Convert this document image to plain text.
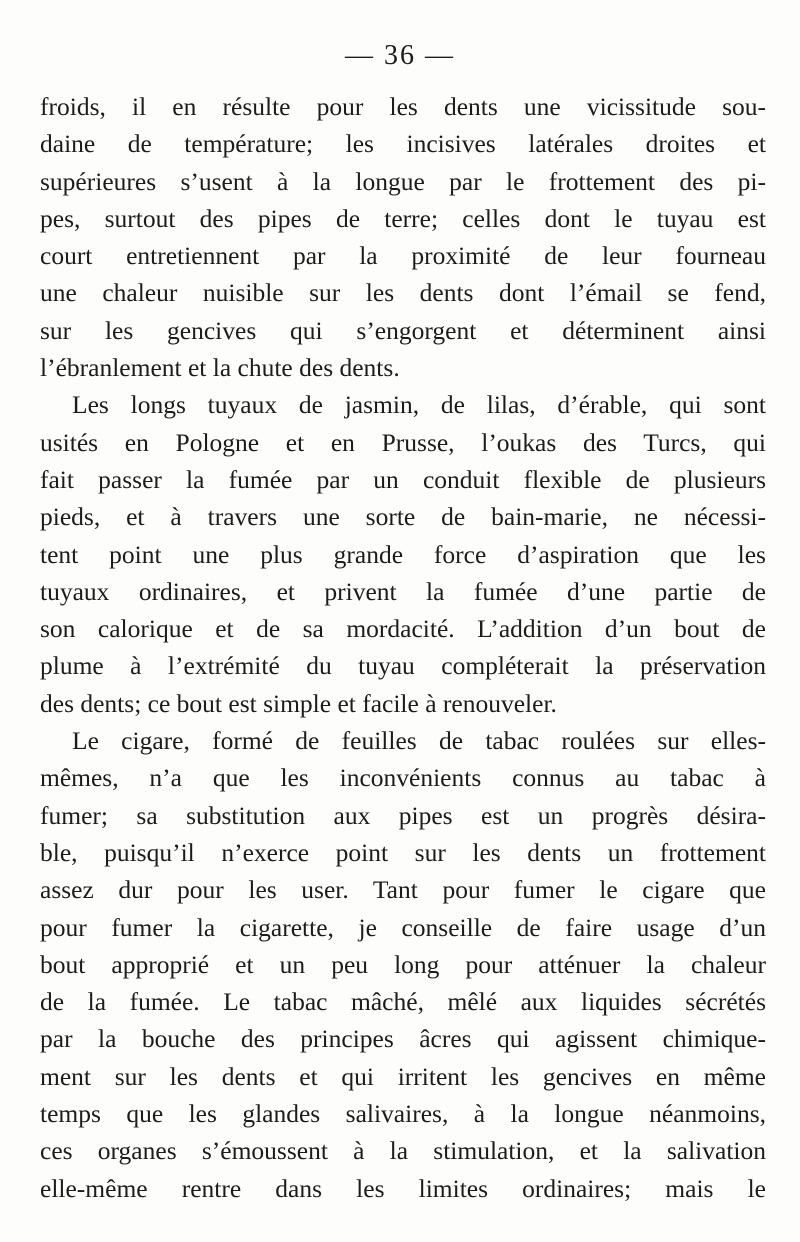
— 36 —
froids, il en résulte pour les dents une vicissitude sou-
daine de température; les incisives latérales droites et
supérieures s’usent à la longue par le frottement des pi-
pes, surtout des pipes de terre; celles dont le tuyau est
court entretiennent par la proximité de leur fourneau
une chaleur nuisible sur les dents dont l’émail se fend,
sur les gencives qui s’engorgent et déterminent ainsi
l’ébranlement et la chute des dents.
Les longs tuyaux de jasmin, de lilas, d’érable, qui sont
usités en Pologne et en Prusse, l’oukas des Turcs, qui
fait passer la fumée par un conduit flexible de plusieurs
pieds, et à travers une sorte de bain-marie, ne nécessi-
tent point une plus grande force d’aspiration que les
tuyaux ordinaires, et privent la fumée d’une partie de
son calorique et de sa mordacité. L’addition d’un bout de
plume à l’extrémité du tuyau compléterait la préservation
des dents; ce bout est simple et facile à renouveler.
Le cigare, formé de feuilles de tabac roulées sur elles-
mêmes, n’a que les inconvénients connus au tabac à
fumer; sa substitution aux pipes est un progrès désira-
ble, puisqu’il n’exerce point sur les dents un frottement
assez dur pour les user. Tant pour fumer le cigare que
pour fumer la cigarette, je conseille de faire usage d’un
bout approprié et un peu long pour atténuer la chaleur
de la fumée. Le tabac mâché, mêlé aux liquides sécrétés
par la bouche des principes âcres qui agissent chimique-
ment sur les dents et qui irritent les gencives en même
temps que les glandes salivaires, à la longue néanmoins,
ces organes s’émoussent à la stimulation, et la salivation
elle-même rentre dans les limites ordinaires; mais le
